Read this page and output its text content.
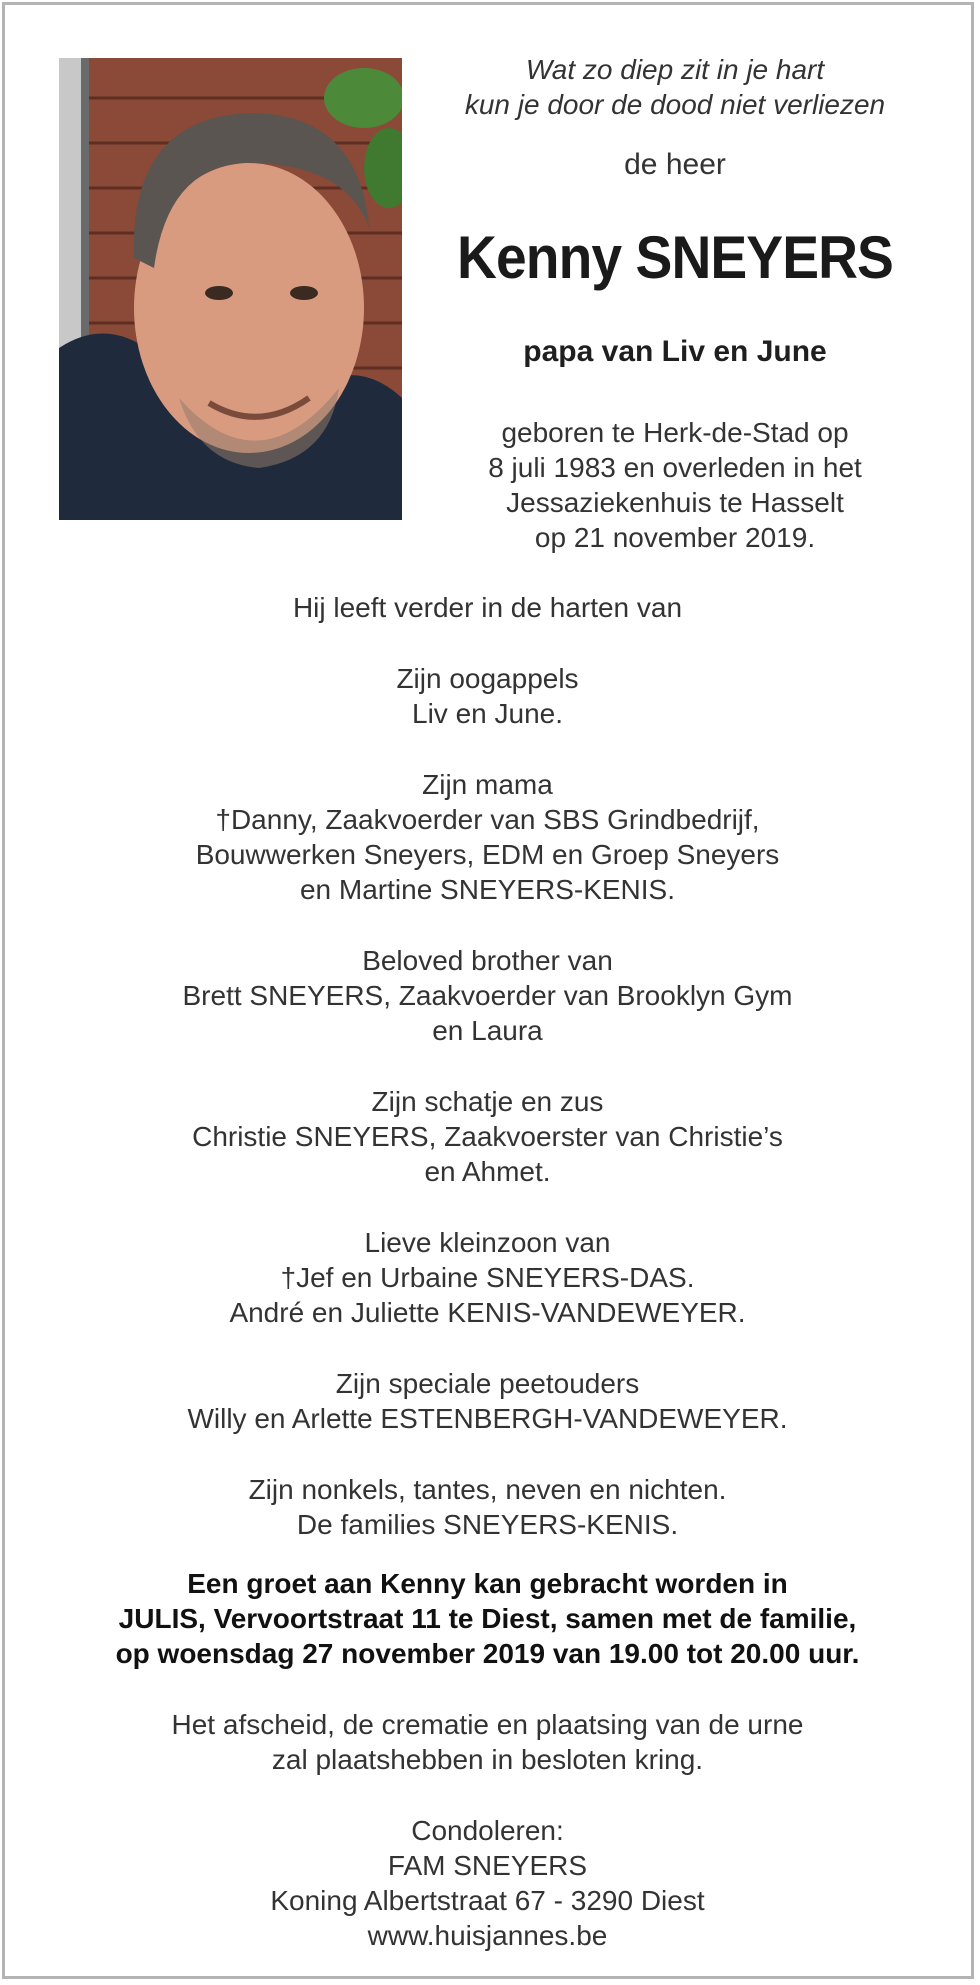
Wat zo diep zit in je hart
kun je door de dood niet verliezen
de heer
Kenny SNEYERS
papa van Liv en June
geboren te Herk-de-Stad op
8 juli 1983 en overleden in het
Jessaziekenhuis te Hasselt
op 21 november 2019.
Hij leeft verder in de harten van
Zijn oogappels
Liv en June.
Zijn mama
†Danny, Zaakvoerder van SBS Grindbedrijf,
Bouwwerken Sneyers, EDM en Groep Sneyers
en Martine SNEYERS-KENIS.
Beloved brother van
Brett SNEYERS, Zaakvoerder van Brooklyn Gym
en Laura
Zijn schatje en zus
Christie SNEYERS, Zaakvoerster van Christie’s
en Ahmet.
Lieve kleinzoon van
†Jef en Urbaine SNEYERS-DAS.
André en Juliette KENIS-VANDEWEYER.
Zijn speciale peetouders
Willy en Arlette ESTENBERGH-VANDEWEYER.
Zijn nonkels, tantes, neven en nichten.
De families SNEYERS-KENIS.
Een groet aan Kenny kan gebracht worden in
JULIS, Vervoortstraat 11 te Diest, samen met de familie,
op woensdag 27 november 2019 van 19.00 tot 20.00 uur.
Het afscheid, de crematie en plaatsing van de urne
zal plaatshebben in besloten kring.
Condoleren:
FAM SNEYERS
Koning Albertstraat 67 - 3290 Diest
www.huisjannes.be
